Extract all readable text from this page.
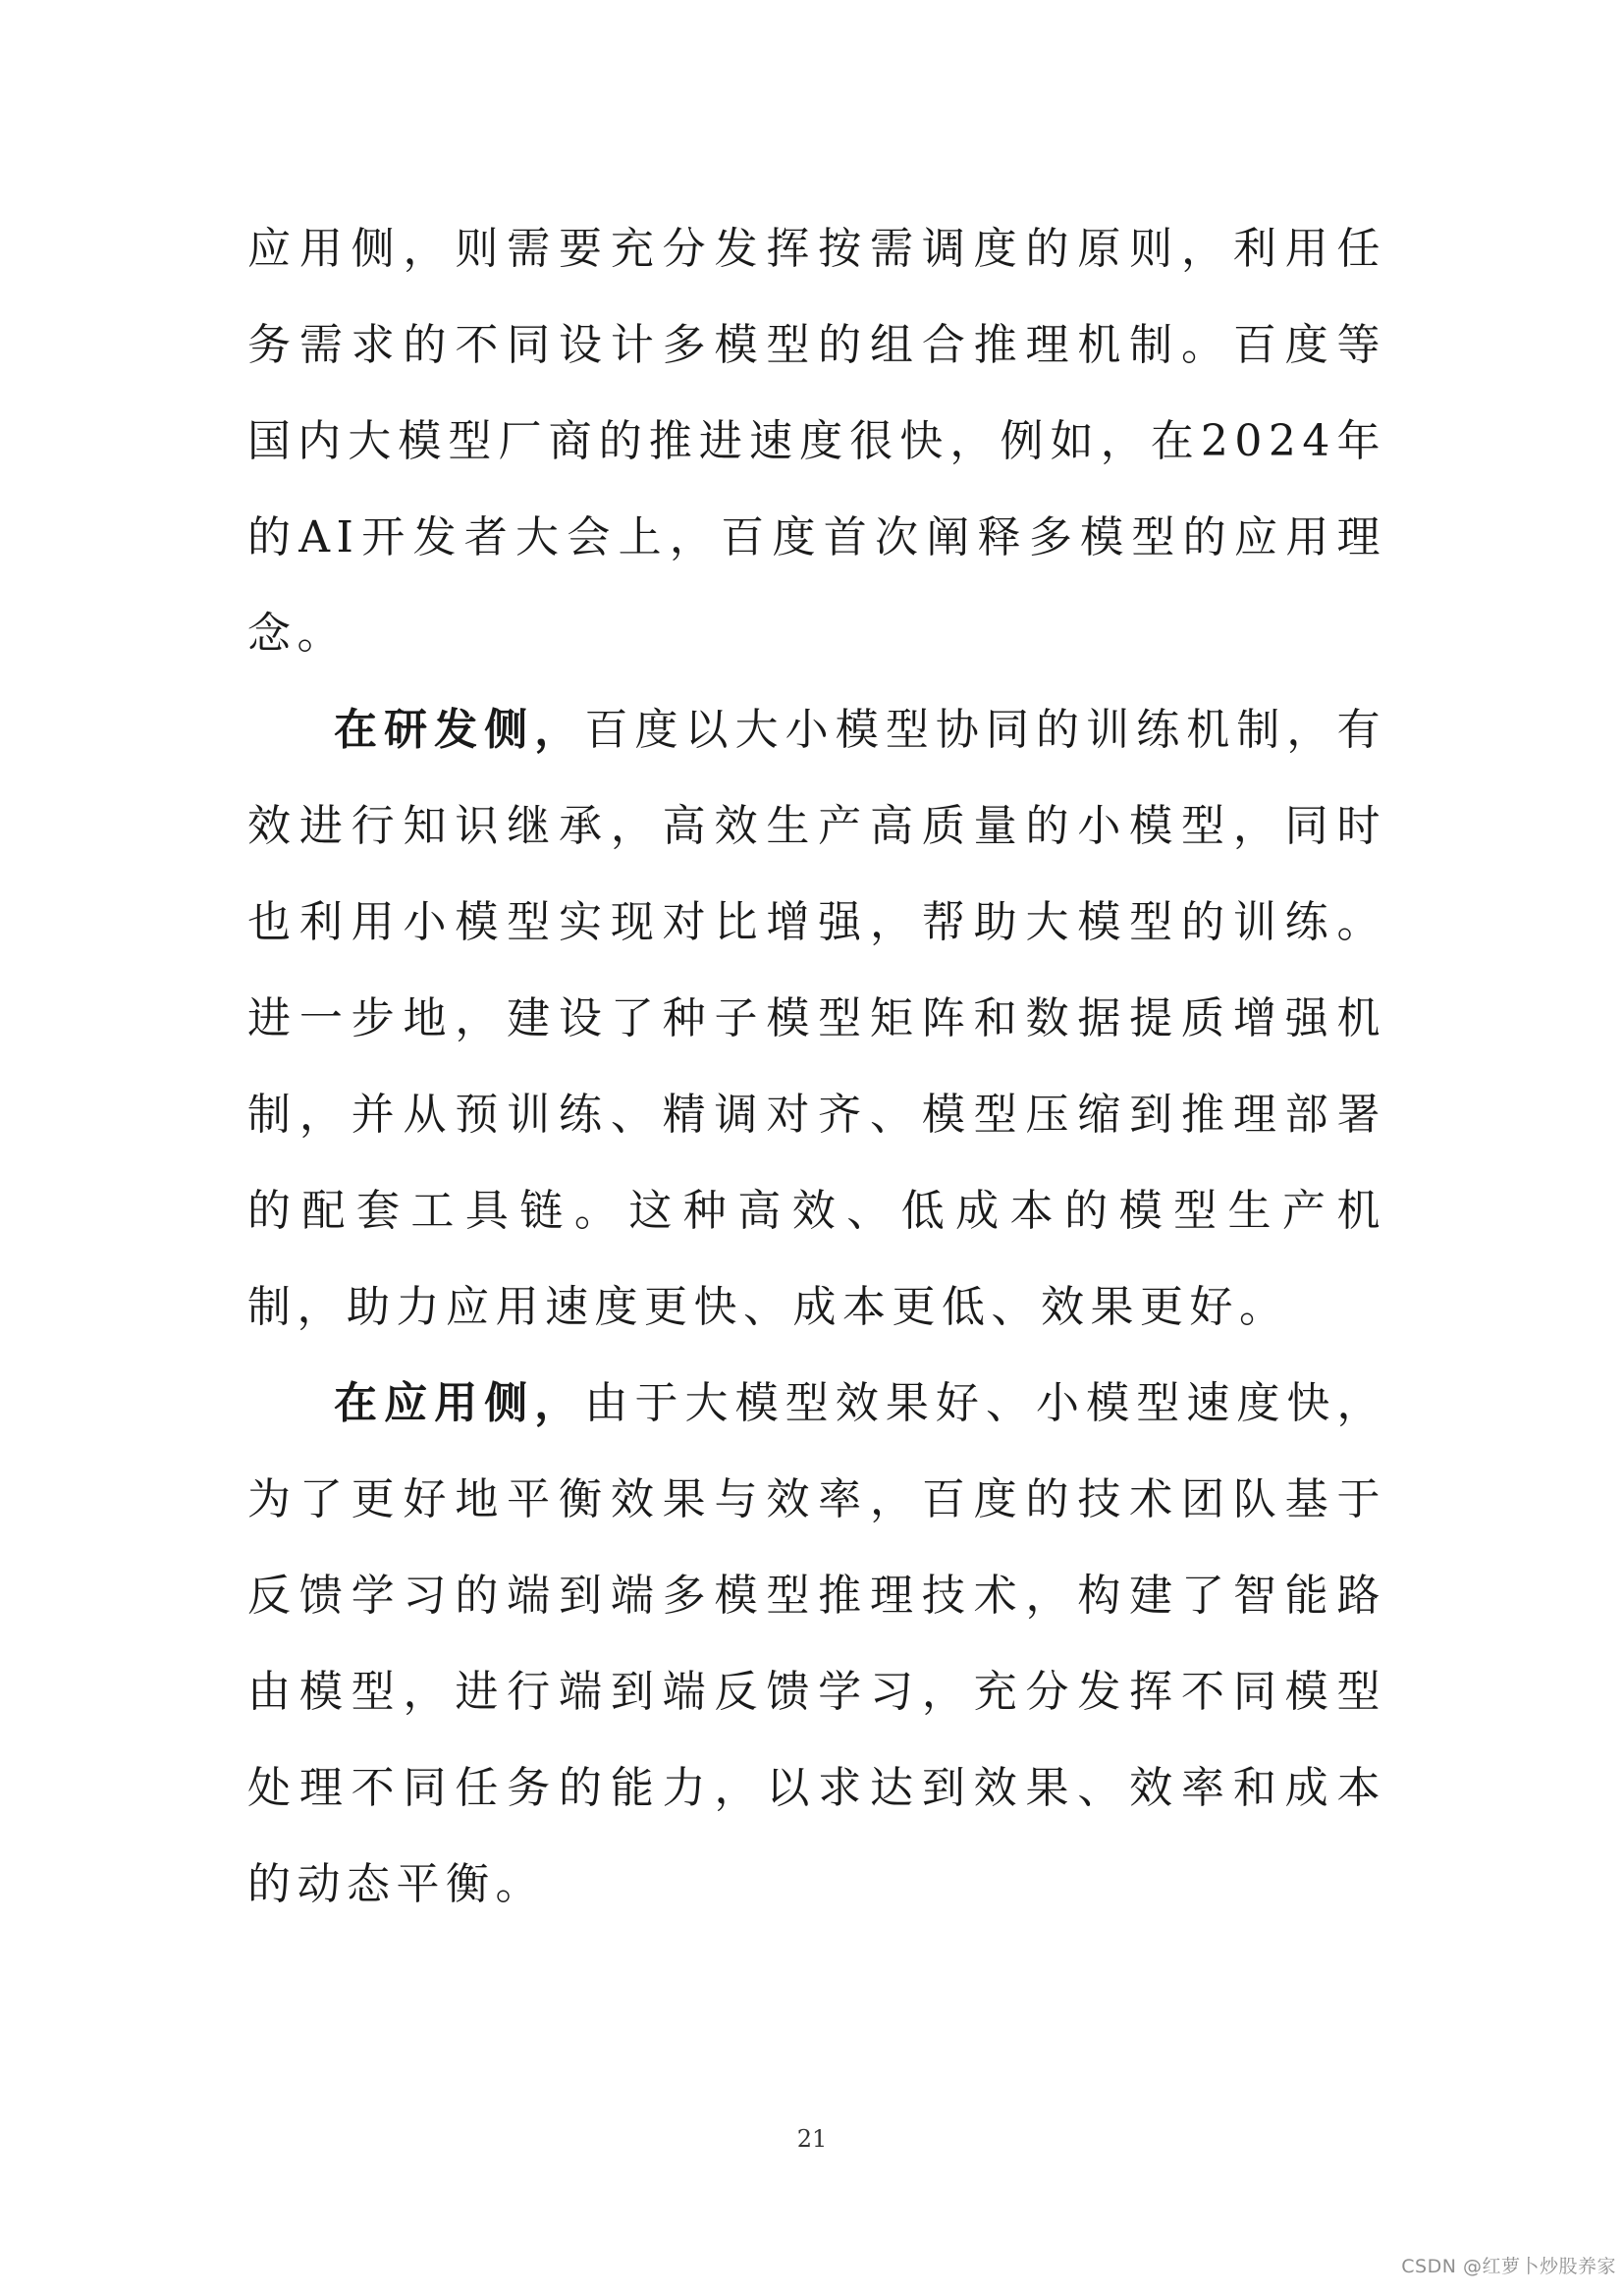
应用侧，则需要充分发挥按需调度的原则，利用任务需求的不同设计多模型的组合推理机制。百度等国内大模型厂商的推进速度很快，例如，在2024年的AI开发者大会上，百度首次阐释多模型的应用理念。

在研发侧，百度以大小模型协同的训练机制，有效进行知识继承，高效生产高质量的小模型，同时也利用小模型实现对比增强，帮助大模型的训练。进一步地，建设了种子模型矩阵和数据提质增强机制，并从预训练、精调对齐、模型压缩到推理部署的配套工具链。这种高效、低成本的模型生产机制，助力应用速度更快、成本更低、效果更好。

在应用侧，由于大模型效果好、小模型速度快，为了更好地平衡效果与效率，百度的技术团队基于反馈学习的端到端多模型推理技术，构建了智能路由模型，进行端到端反馈学习，充分发挥不同模型处理不同任务的能力，以求达到效果、效率和成本的动态平衡。

21
CSDN @红萝卜炒股养家
